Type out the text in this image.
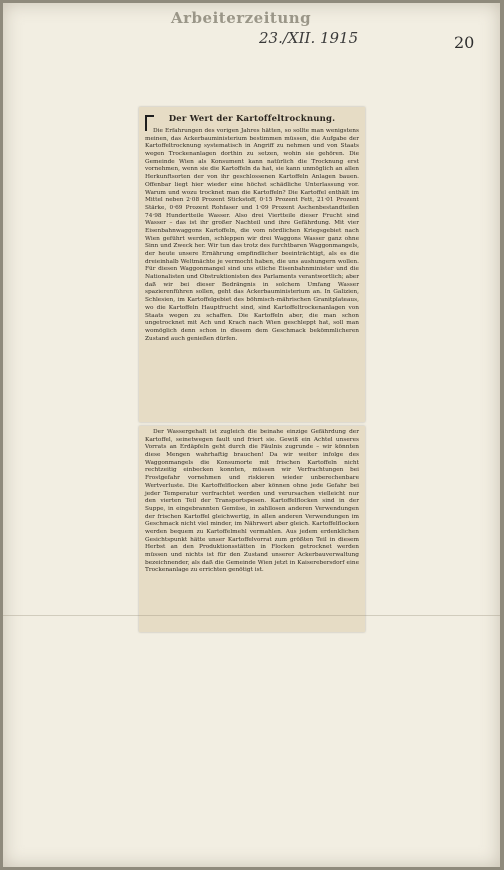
Arbeiterzeitung
23./XII. 1915	20
Der Wert der Kartoffeltrocknung.

Die Erfahrungen des vorigen Jahres hätten, so sollte man wenigstens meinen, das Ackerbauministerium bestimmen müssen, die Aufgabe der Kartoffeltrocknung systematisch in Angriff zu nehmen und von Staats wegen Trockenanlagen dorthin zu setzen, wohin sie gehören. Die Gemeinde Wien als Konsument kann natürlich die Trocknung erst vornehmen, wenn sie die Kartoffeln da hat, sie kann unmöglich an allen Herkunftsorten der von ihr geschlossenen Kartoffeln Anlagen bauen. Offenbar liegt hier wieder eine höchst schädliche Unterlassung vor. Warum und wozu trocknet man die Kartoffeln? Die Kartoffel enthält im Mittel neben 2·08 Prozent Stickstoff, 0·15 Prozent Fett, 21·01 Prozent Stärke, 0·69 Prozent Rohfaser und 1·09 Prozent Aschenbestandteilen 74·98 Hundertteile Wasser. Also drei Viertteile dieser Frucht sind Wasser – das ist ihr großer Nachteil und ihre Gefährdung. Mit vier Eisenbahnwaggons Kartoffeln, die vom nördlichen Kriegsgebiet nach Wien geführt werden, schleppen wir drei Waggons Wasser ganz ohne Sinn und Zweck her. Wir tun das trotz des furchtbaren Waggonmangels, der heute unsere Ernährung empfindlicher beeinträchtigt, als es die dreieinhalb Weltmächte je vermocht haben, die uns aushungern wollen. Für diesen Waggonmangel sind uns etliche Eisenbahnminister und die Nationalisten und Obstruktionisten des Parlaments verantwortlich; aber daß wir bei dieser Bedrängnis in solchem Umfang Wasser spazierenführen sollen, geht das Ackerbauministerium an. In Galizien, Schlesien, im Kartoffelgebiet des böhmisch-mährischen Granitplateaus, wo die Kartoffeln Hauptfrucht sind, sind Kartoffeltrockenanlagen von Staats wegen zu schaffen. Die Kartoffeln aber, die man schon ungetrocknet mit Ach und Krach nach Wien geschleppt hat, soll man womöglich denn schon in diesem dem Geschmack bekömmlicheren Zustand auch genießen dürfen.

Der Wassergehalt ist zugleich die beinahe einzige Gefährdung der Kartoffel, seinetwegen fault und friert sie. Gewiß ein Achtel unseres Vorrats an Erdäpfeln geht durch die Fäulnis zugrunde – wir könnten diese Mengen wahrhaftig brauchen! Da wir weiter infolge des Waggonmangels die Konsumorte mit frischen Kartoffeln nicht rechtzeitig einbecken konnten, müssen wir Verfrachtungen bei Frostgefahr vornehmen und riskieren wieder unberechenbare Wertverluste. Die Kartoffelflocken aber können ohne jede Gefahr bei jeder Temperatur verfrachtet werden und verursachen vielleicht nur den vierten Teil der Transportspesen. Kartoffelflocken sind in der Suppe, in eingebrannten Gemüse, in zahllosen anderen Verwendungen der frischen Kartoffel gleichwertig, in allen anderen Verwendungen im Geschmack nicht viel minder, im Nährwert aber gleich. Kartoffelflocken werden bequem zu Kartoffelmehl vermahlen. Aus jedem erdenklichen Gesichtspunkt hätte unser Kartoffelvorrat zum größten Teil in diesem Herbst an den Produktionsstätten in Flocken getrocknet werden müssen und nichts ist für den Zustand unserer Ackerbauverwaltung bezeichnender, als daß die Gemeinde Wien jetzt in Kaiserebersdorf eine Trockenanlage zu errichten genötigt ist.
